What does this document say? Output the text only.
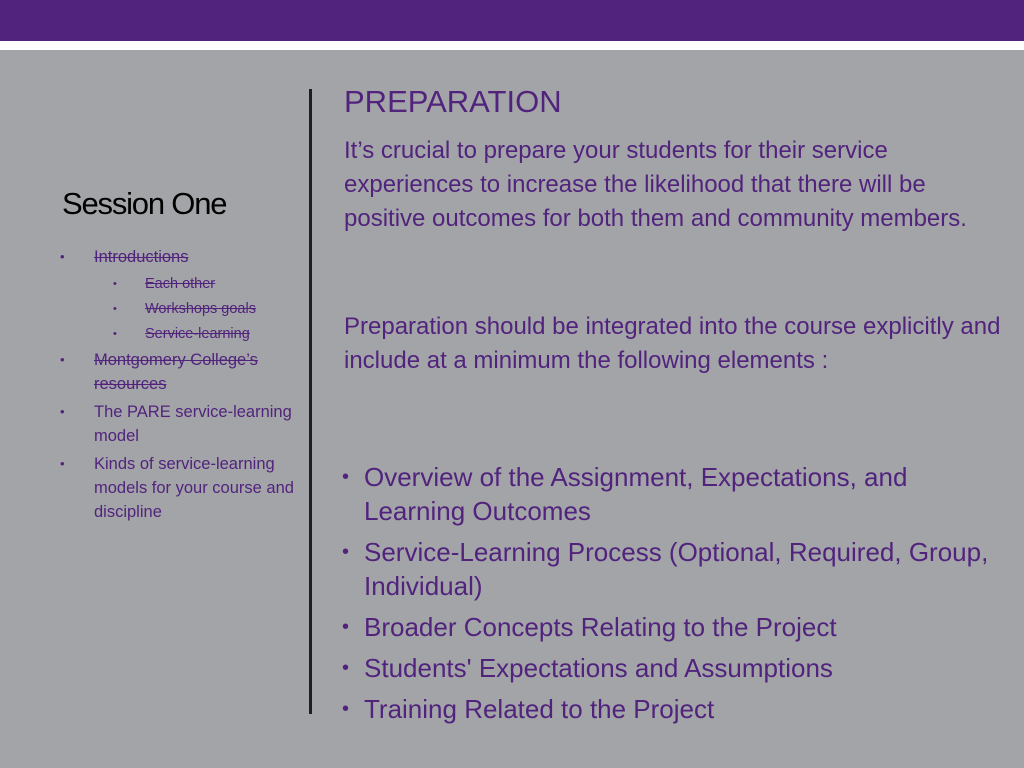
Session One
• Introductions
• Each other
• Workshops goals
• Service-learning
• Montgomery College’s resources
• The PARE service-learning model
• Kinds of service-learning models for your course and discipline
PREPARATION

It’s crucial to prepare your students for their service experiences to increase the likelihood that there will be positive outcomes for both them and community members.

Preparation should be integrated into the course explicitly and include at a minimum the following elements :

• Overview of the Assignment, Expectations, and Learning Outcomes
• Service-Learning Process (Optional, Required, Group, Individual)
• Broader Concepts Relating to the Project
• Students' Expectations and Assumptions
• Training Related to the Project
